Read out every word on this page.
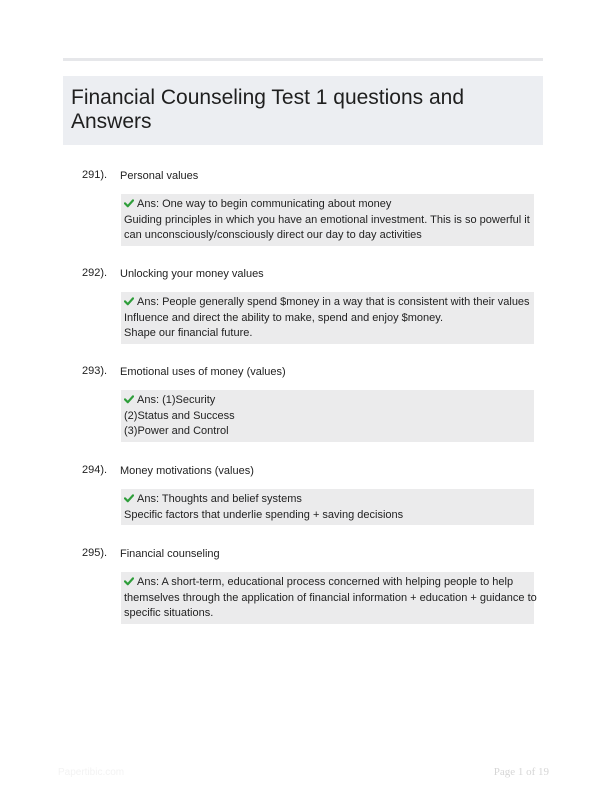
Financial Counseling Test 1 questions and
Answers
291). Personal values
Ans: One way to begin communicating about money
Guiding principles in which you have an emotional investment. This is so powerful it
can unconsciously/consciously direct our day to day activities
292). Unlocking your money values
Ans: People generally spend $money in a way that is consistent with their values
Influence and direct the ability to make, spend and enjoy $money.
Shape our financial future.
293). Emotional uses of money (values)
Ans: (1)Security
(2)Status and Success
(3)Power and Control
294). Money motivations (values)
Ans: Thoughts and belief systems
Specific factors that underlie spending + saving decisions
295). Financial counseling
Ans: A short-term, educational process concerned with helping people to help
themselves through the application of financial information + education + guidance to
specific situations.
Papertibic.com	Page 1 of 19
